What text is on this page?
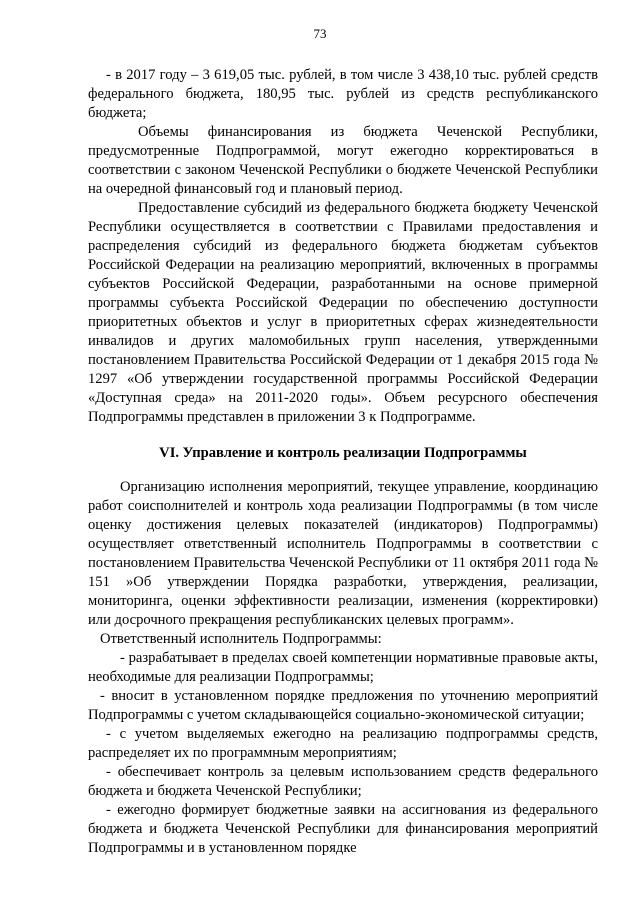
73

- в 2017 году – 3 619,05 тыс. рублей, в том числе 3 438,10 тыс. рублей средств федерального бюджета, 180,95 тыс. рублей из средств республиканского бюджета;

Объемы финансирования из бюджета Чеченской Республики, предусмотренные Подпрограммой, могут ежегодно корректироваться в соответствии с законом Чеченской Республики о бюджете Чеченской Республики на очередной финансовый год и плановый период.

Предоставление субсидий из федерального бюджета бюджету Чеченской Республики осуществляется в соответствии с Правилами предоставления и распределения субсидий из федерального бюджета бюджетам субъектов Российской Федерации на реализацию мероприятий, включенных в программы субъектов Российской Федерации, разработанными на основе примерной программы субъекта Российской Федерации по обеспечению доступности приоритетных объектов и услуг в приоритетных сферах жизнедеятельности инвалидов и других маломобильных групп населения, утвержденными постановлением Правительства Российской Федерации от 1 декабря 2015 года № 1297 «Об утверждении государственной программы Российской Федерации «Доступная среда» на 2011-2020 годы». Объем ресурсного обеспечения Подпрограммы представлен в приложении 3 к Подпрограмме.

VI. Управление и контроль реализации Подпрограммы

Организацию исполнения мероприятий, текущее управление, координацию работ соисполнителей и контроль хода реализации Подпрограммы (в том числе оценку достижения целевых показателей (индикаторов) Подпрограммы) осуществляет ответственный исполнитель Подпрограммы в соответствии с постановлением Правительства Чеченской Республики от 11 октября 2011 года № 151 »Об утверждении Порядка разработки, утверждения, реализации, мониторинга, оценки эффективности реализации, изменения (корректировки) или досрочного прекращения республиканских целевых программ».

Ответственный исполнитель Подпрограммы:

- разрабатывает в пределах своей компетенции нормативные правовые акты, необходимые для реализации Подпрограммы;

- вносит в установленном порядке предложения по уточнению мероприятий Подпрограммы с учетом складывающейся социально-экономической ситуации;

- с учетом выделяемых ежегодно на реализацию подпрограммы средств, распределяет их по программным мероприятиям;

- обеспечивает контроль за целевым использованием средств федерального бюджета и бюджета Чеченской Республики;

- ежегодно формирует бюджетные заявки на ассигнования из федерального бюджета и бюджета Чеченской Республики для финансирования мероприятий Подпрограммы и в установленном порядке
